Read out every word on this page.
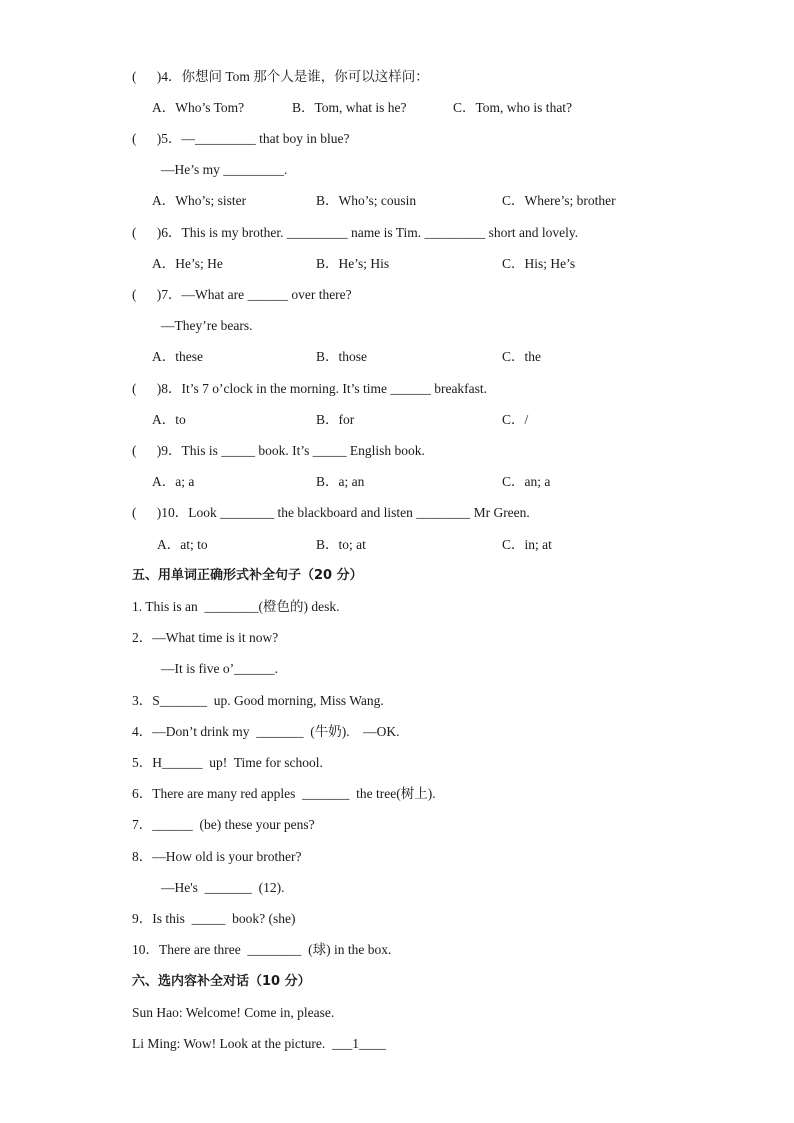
(      )4．你想问 Tom 那个人是谁，你可以这样问：
A．Who’s Tom?	B．Tom, what is he?	C．Tom, who is that?
(      )5．—_________ that boy in blue?
—He’s my _________.
A．Who’s; sister	B．Who’s; cousin	C．Where’s; brother
(      )6．This is my brother. _________ name is Tim. _________ short and lovely.
A．He’s; He	B．He’s; His	C．His; He’s
(      )7．—What are ______ over there?
—They’re bears.
A．these	B．those	C．the
(      )8．It’s 7 o’clock in the morning. It’s time ______ breakfast.
A．to	B．for	C．/
(      )9．This is _____ book. It’s _____ English book.
A．a; a	B．a; an	C．an; a
(      )10．Look ________ the blackboard and listen ________ Mr Green.
A．at; to	B．to; at	C．in; at
五、用单词正确形式补全句子（20 分）
1. This is an  ________(橙色的) desk.
2．—What time is it now?
—It is five o’______.
3．S_______  up. Good morning, Miss Wang.
4．—Don’t drink my  _______  (牛奶).    —OK.
5．H______  up!  Time for school.
6．There are many red apples  _______  the tree(树上).
7．______  (be) these your pens?
8．—How old is your brother?
—He's  _______  (12).
9．Is this  _____  book? (she)
10．There are three  ________  (球) in the box.
六、选内容补全对话（10 分）
Sun Hao: Welcome! Come in, please.
Li Ming: Wow! Look at the picture.  ___1____
